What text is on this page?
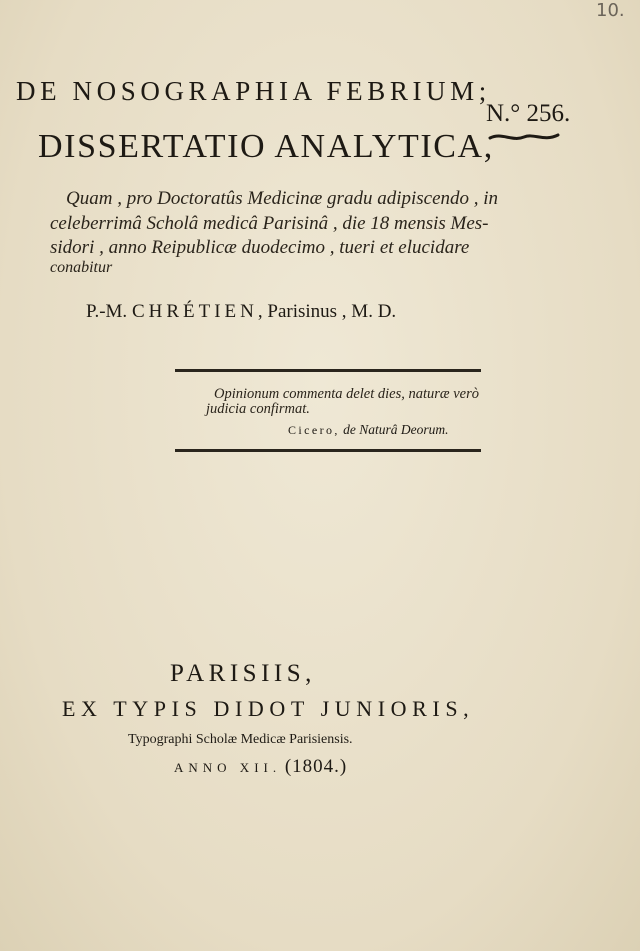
10.
DE NOSOGRAPHIA FEBRIUM;
N.° 256.
DISSERTATIO ANALYTICA,
Quam , pro Doctoratûs Medicinæ gradu adipiscendo , in
celeberrimâ Scholâ medicâ Parisinâ , die 18 mensis Mes-
sidori , anno Reipublicæ duodecimo , tueri et elucidare
conabitur
P.-M. CHRÉTIEN, Parisinus , M. D.
Opinionum commenta delet dies, naturæ verò
judicia confirmat.
Cicero, de Naturâ Deorum.
PARISIIS,
EX TYPIS DIDOT JUNIORIS,
Typographi Scholæ Medicæ Parisiensis.
ANNO XII. (1804.)
